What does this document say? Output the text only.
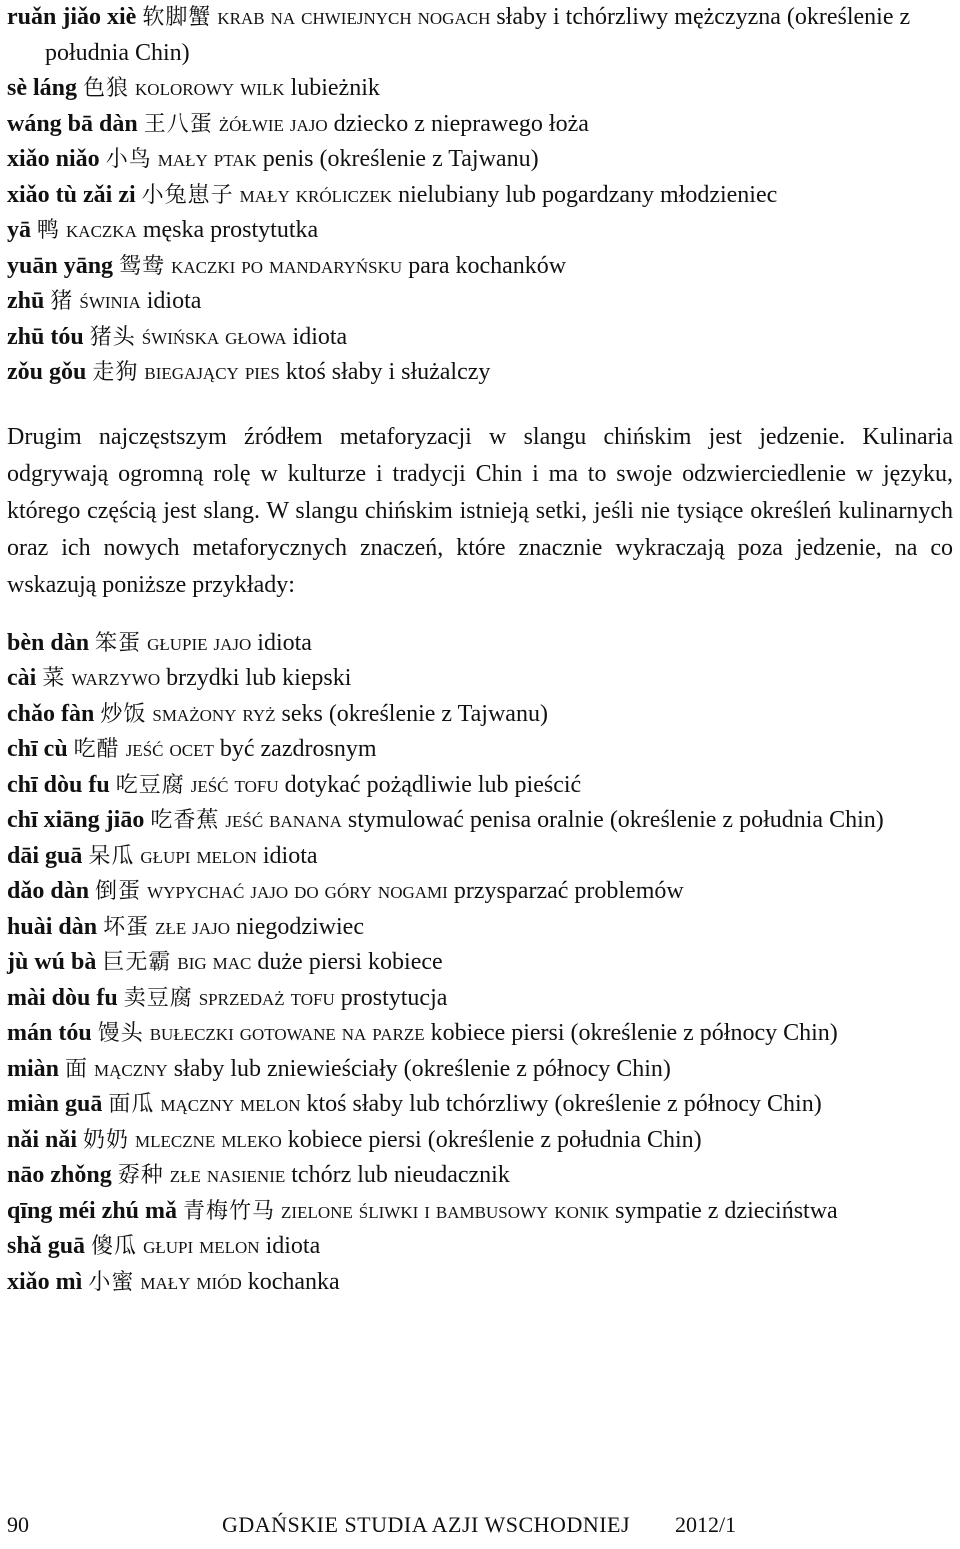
ruǎn jiǎo xiè 软脚蟹 krab na chwiejnych nogach słaby i tchórzliwy mężczyzna (określenie z południa Chin)

sè láng 色狼 kolorowy wilk lubieżnik

wáng bā dàn 王八蛋 żółwie jajo dziecko z nieprawego łoża

xiǎo niǎo 小鸟 mały ptak penis (określenie z Tajwanu)

xiǎo tù zǎi zi 小兔崽子 mały króliczek nielubiany lub pogardzany młodzieniec

yā 鸭 kaczka męska prostytutka

yuān yāng 鸳鸯 kaczki po mandaryńsku para kochanków

zhū 猪 świnia idiota

zhū tóu 猪头 świńska głowa idiota

zǒu gǒu 走狗 biegający pies ktoś słaby i służalczy

Drugim najczęstszym źródłem metaforyzacji w slangu chińskim jest jedzenie. Kulinaria odgrywają ogromną rolę w kulturze i tradycji Chin i ma to swoje odzwierciedlenie w języku, którego częścią jest slang. W slangu chińskim istnieją setki, jeśli nie tysiące określeń kulinarnych oraz ich nowych metaforycznych znaczeń, które znacznie wykraczają poza jedzenie, na co wskazują poniższe przykłady:

bèn dàn 笨蛋 głupie jajo idiota

cài 菜 warzywo brzydki lub kiepski

chǎo fàn 炒饭 smażony ryż seks (określenie z Tajwanu)

chī cù 吃醋 jeść ocet być zazdrosnym

chī dòu fu 吃豆腐 jeść tofu dotykać pożądliwie lub pieścić

chī xiāng jiāo 吃香蕉 jeść banana stymulować penisa oralnie (określenie z południa Chin)

dāi guā 呆瓜 głupi melon idiota

dǎo dàn 倒蛋 wypychać jajo do góry nogami przysparzać problemów

huài dàn 坏蛋 złe jajo niegodziwiec

jù wú bà 巨无霸 big mac duże piersi kobiece

mài dòu fu 卖豆腐 sprzedaż tofu prostytucja

mán tóu 馒头 bułeczki gotowane na parze kobiece piersi (określenie z północy Chin)

miàn 面 mączny słaby lub zniewieściały (określenie z północy Chin)

miàn guā 面瓜 mączny melon ktoś słaby lub tchórzliwy (określenie z północy Chin)

nǎi nǎi 奶奶 mleczne mleko kobiece piersi (określenie z południa Chin)

nāo zhǒng 孬种 złe nasienie tchórz lub nieudacznik

qīng méi zhú mǎ 青梅竹马 zielone śliwki i bambusowy konik sympatie z dzieciństwa

shǎ guā 傻瓜 głupi melon idiota

xiǎo mì 小蜜 mały miód kochanka

90	GDAŃSKIE STUDIA AZJI WSCHODNIEJ 2012/1
